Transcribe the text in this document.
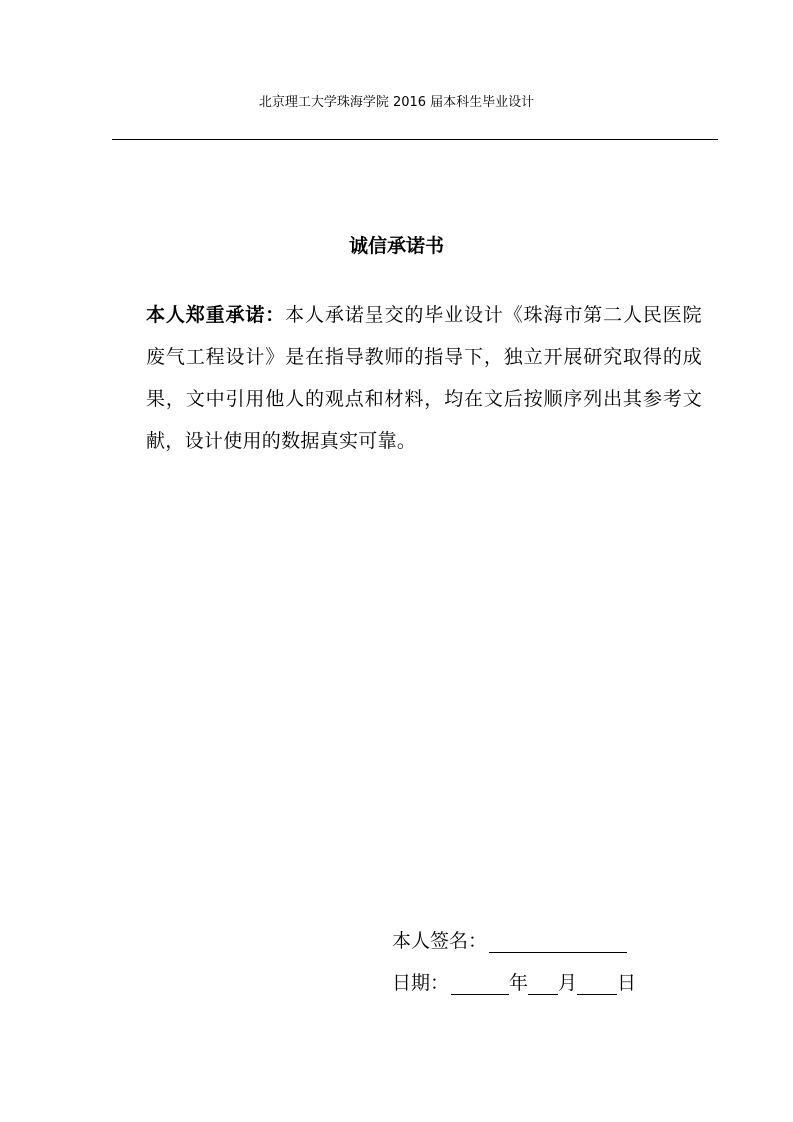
北京理工大学珠海学院 2016 届本科生毕业设计
诚信承诺书
本人郑重承诺：本人承诺呈交的毕业设计《珠海市第二人民医院废气工程设计》是在指导教师的指导下，独立开展研究取得的成果，文中引用他人的观点和材料，均在文后按顺序列出其参考文献，设计使用的数据真实可靠。
本人签名：
日期：	年 月 日
